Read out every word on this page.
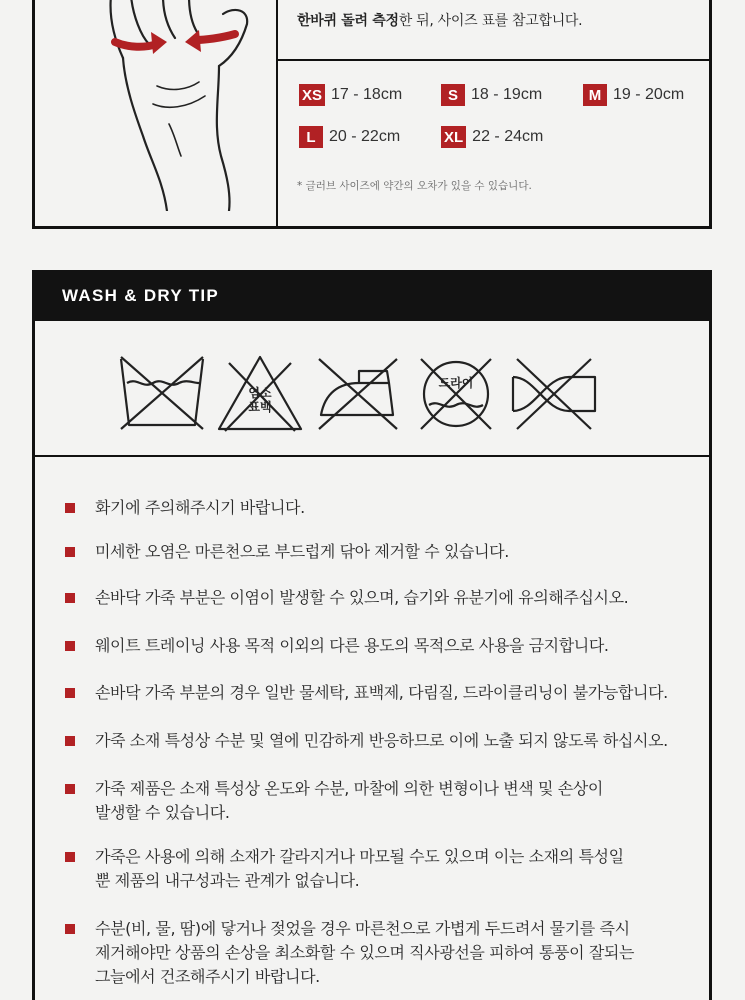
한바퀴 돌려 측정한 뒤, 사이즈 표를 참고합니다.
XS 17 - 18cm	S 18 - 19cm	M 19 - 20cm
L 20 - 22cm	XL 22 - 24cm
* 글러브 사이즈에 약간의 오차가 있을 수 있습니다.
WASH & DRY TIP
염소
표백
드라이
화기에 주의해주시기 바랍니다.
미세한 오염은 마른천으로 부드럽게 닦아 제거할 수 있습니다.
손바닥 가죽 부분은 이염이 발생할 수 있으며, 습기와 유분기에 유의해주십시오.
웨이트 트레이닝 사용 목적 이외의 다른 용도의 목적으로 사용을 금지합니다.
손바닥 가죽 부분의 경우 일반 물세탁, 표백제, 다림질, 드라이클리닝이 불가능합니다.
가죽 소재 특성상 수분 및 열에 민감하게 반응하므로 이에 노출 되지 않도록 하십시오.
가죽 제품은 소재 특성상 온도와 수분, 마찰에 의한 변형이나 변색 및 손상이
발생할 수 있습니다.
가죽은 사용에 의해 소재가 갈라지거나 마모될 수도 있으며 이는 소재의 특성일
뿐 제품의 내구성과는 관계가 없습니다.
수분(비, 물, 땀)에 닿거나 젖었을 경우 마른천으로 가볍게 두드려서 물기를 즉시
제거해야만 상품의 손상을 최소화할 수 있으며 직사광선을 피하여 통풍이 잘되는
그늘에서 건조해주시기 바랍니다.
